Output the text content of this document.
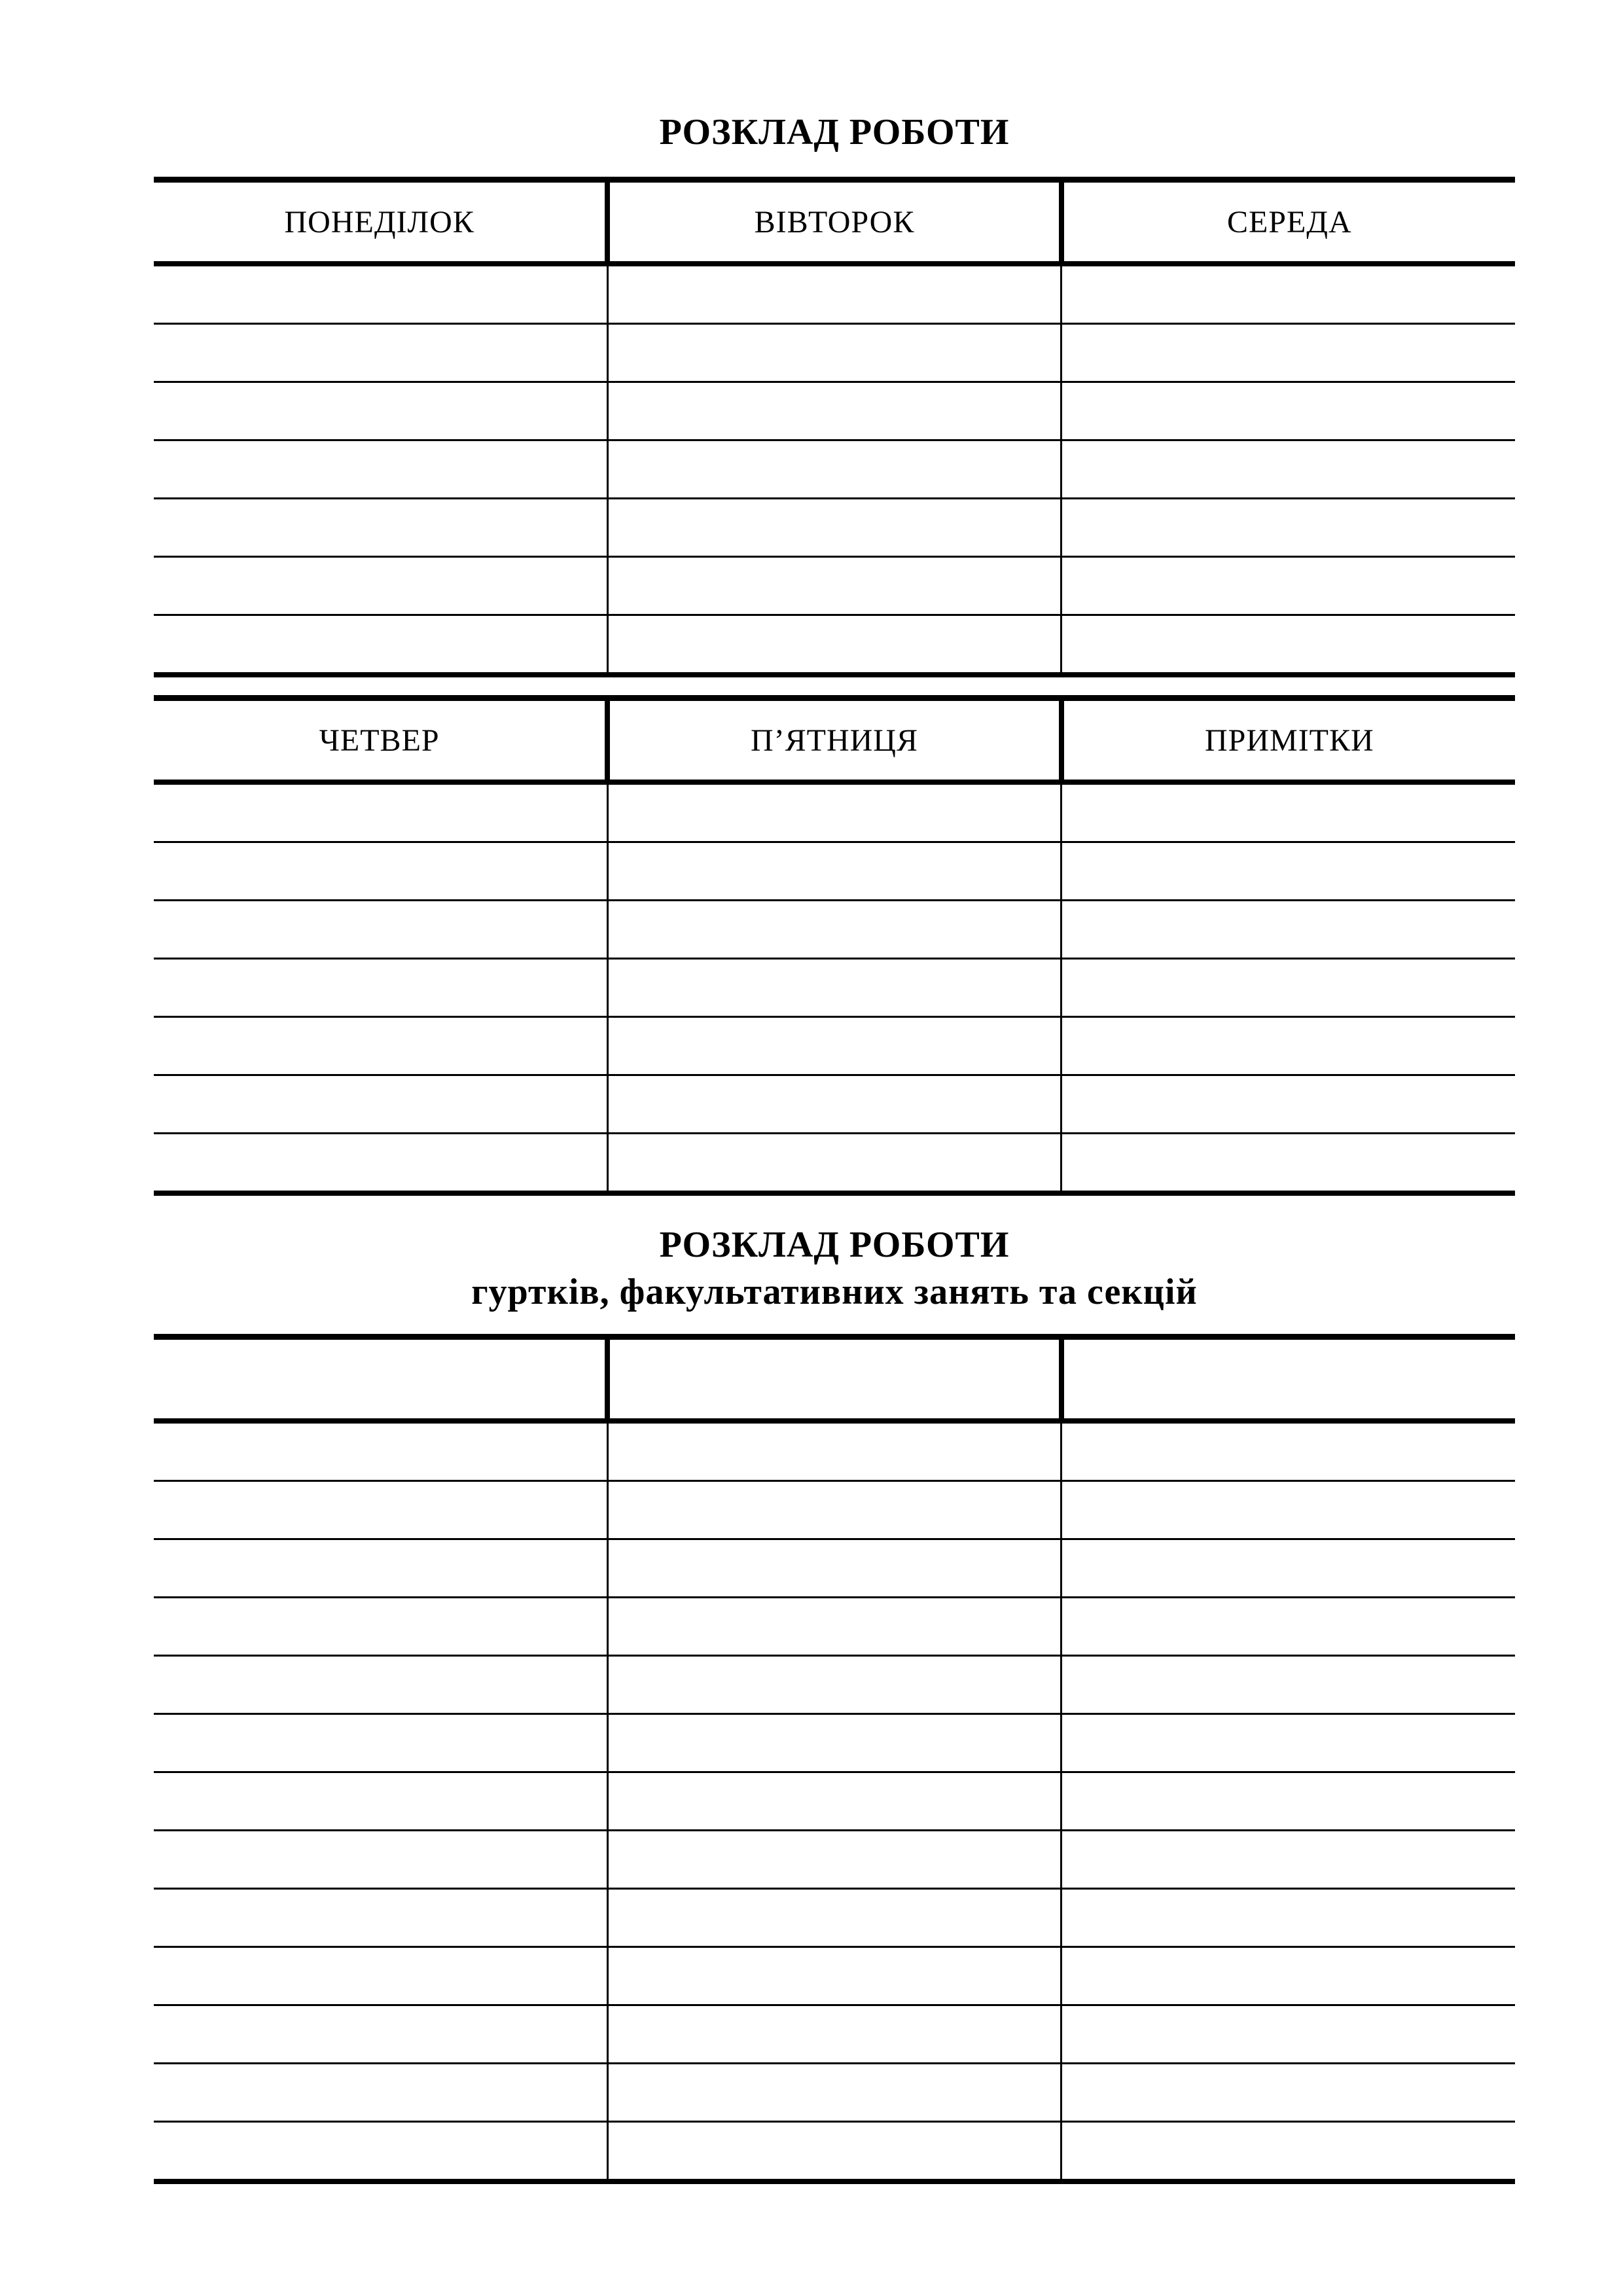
РОЗКЛАД РОБОТИ
ПОНЕДІЛОК	ВІВТОРОК	СЕРЕДА

ЧЕТВЕР	П’ЯТНИЦЯ	ПРИМІТКИ

РОЗКЛАД РОБОТИ
гуртків, факультативних занять та секцій
